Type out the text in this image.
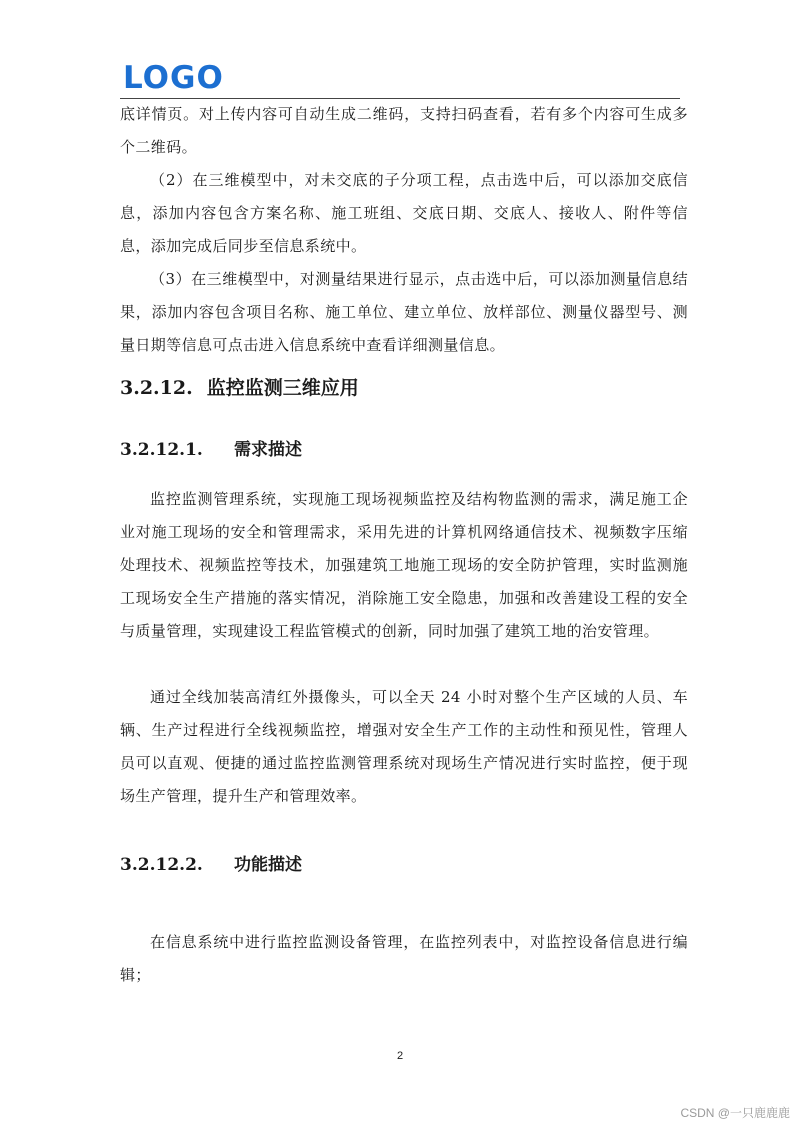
LOGO

底详情页。对上传内容可自动生成二维码，支持扫码查看，若有多个内容可生成多个二维码。

（2）在三维模型中，对未交底的子分项工程，点击选中后，可以添加交底信息，添加内容包含方案名称、施工班组、交底日期、交底人、接收人、附件等信息，添加完成后同步至信息系统中。

（3）在三维模型中，对测量结果进行显示，点击选中后，可以添加测量信息结果，添加内容包含项目名称、施工单位、建立单位、放样部位、测量仪器型号、测量日期等信息可点击进入信息系统中查看详细测量信息。

3.2.12. 监控监测三维应用
3.2.12.1. 需求描述

监控监测管理系统，实现施工现场视频监控及结构物监测的需求，满足施工企业对施工现场的安全和管理需求，采用先进的计算机网络通信技术、视频数字压缩处理技术、视频监控等技术，加强建筑工地施工现场的安全防护管理，实时监测施工现场安全生产措施的落实情况，消除施工安全隐患，加强和改善建设工程的安全与质量管理，实现建设工程监管模式的创新，同时加强了建筑工地的治安管理。

通过全线加装高清红外摄像头，可以全天 24 小时对整个生产区域的人员、车辆、生产过程进行全线视频监控，增强对安全生产工作的主动性和预见性，管理人员可以直观、便捷的通过监控监测管理系统对现场生产情况进行实时监控，便于现场生产管理，提升生产和管理效率。

3.2.12.2. 功能描述

在信息系统中进行监控监测设备管理，在监控列表中，对监控设备信息进行编辑；

2
CSDN @一只鹿鹿鹿
